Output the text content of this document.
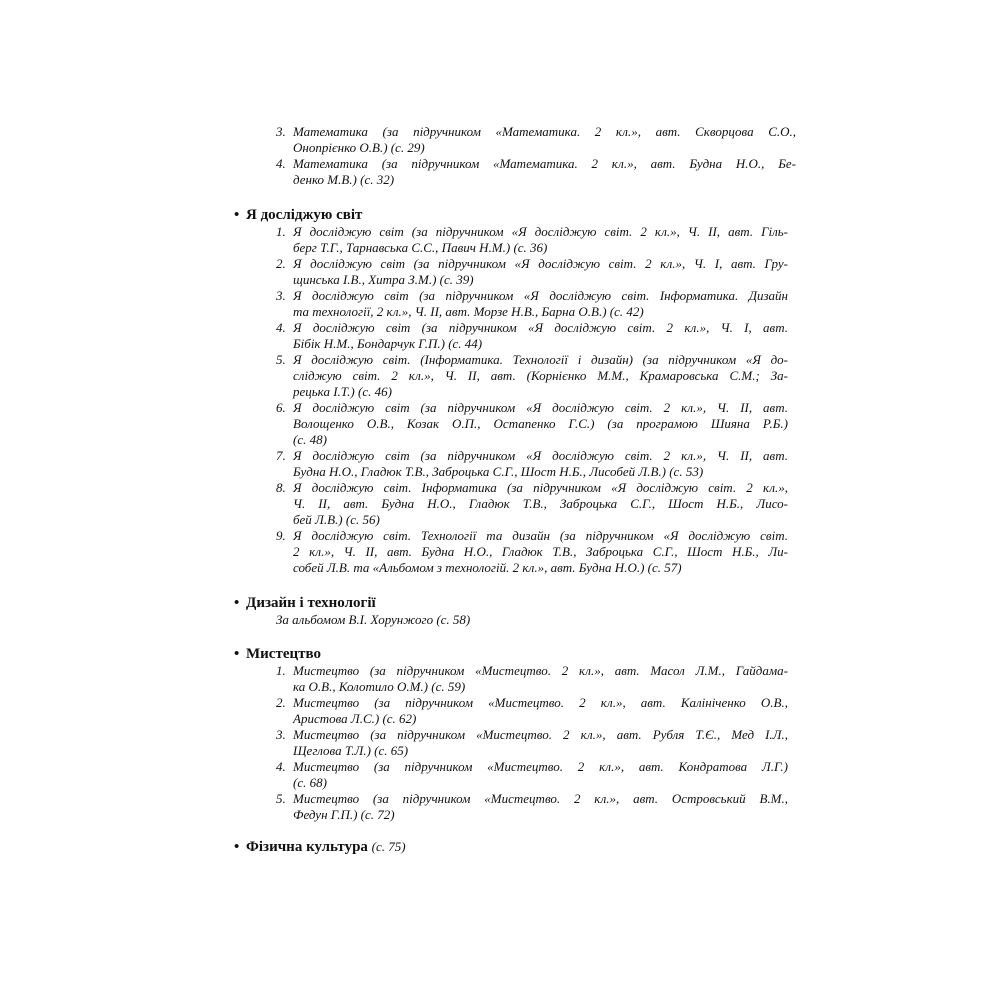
3. Математика (за підручником «Математика. 2 кл.», авт. Скворцова С.О.,
Онопрієнко О.В.) (с. 29)
4. Математика (за підручником «Математика. 2 кл.», авт. Будна Н.О., Бе-
денко М.В.) (с. 32)
• Я досліджую світ
1. Я досліджую світ (за підручником «Я досліджую світ. 2 кл.», Ч. ІІ, авт. Гіль-
берг Т.Г., Тарнавська С.С., Павич Н.М.) (с. 36)
2. Я досліджую світ (за підручником «Я досліджую світ. 2 кл.», Ч. І, авт. Гру-
щинська І.В., Хитра З.М.) (с. 39)
3. Я досліджую світ (за підручником «Я досліджую світ. Інформатика. Дизайн
та технології, 2 кл.», Ч. ІІ, авт. Морзе Н.В., Барна О.В.) (с. 42)
4. Я досліджую світ (за підручником «Я досліджую світ. 2 кл.», Ч. І, авт.
Бібік Н.М., Бондарчук Г.П.) (с. 44)
5. Я досліджую світ. (Інформатика. Технології і дизайн) (за підручником «Я до-
сліджую світ. 2 кл.», Ч. ІІ, авт. (Корнієнко М.М., Крамаровська С.М.; За-
рецька І.Т.) (с. 46)
6. Я досліджую світ (за підручником «Я досліджую світ. 2 кл.», Ч. ІІ, авт.
Волощенко О.В., Козак О.П., Остапенко Г.С.) (за програмою Шияна Р.Б.)
(с. 48)
7. Я досліджую світ (за підручником «Я досліджую світ. 2 кл.», Ч. ІІ, авт.
Будна Н.О., Гладюк Т.В., Заброцька С.Г., Шост Н.Б., Лисобей Л.В.) (с. 53)
8. Я досліджую світ. Інформатика (за підручником «Я досліджую світ. 2 кл.»,
Ч. ІІ, авт. Будна Н.О., Гладюк Т.В., Заброцька С.Г., Шост Н.Б., Лисо-
бей Л.В.) (с. 56)
9. Я досліджую світ. Технології та дизайн (за підручником «Я досліджую світ.
2 кл.», Ч. ІІ, авт. Будна Н.О., Гладюк Т.В., Заброцька С.Г., Шост Н.Б., Ли-
собей Л.В. та «Альбомом з технологій. 2 кл.», авт. Будна Н.О.) (с. 57)
• Дизайн і технології
За альбомом В.І. Хорунжого (с. 58)
• Мистецтво
1. Мистецтво (за підручником «Мистецтво. 2 кл.», авт. Масол Л.М., Гайдама-
ка О.В., Колотило О.М.) (с. 59)
2. Мистецтво (за підручником «Мистецтво. 2 кл.», авт. Калініченко О.В.,
Аристова Л.С.) (с. 62)
3. Мистецтво (за підручником «Мистецтво. 2 кл.», авт. Рубля Т.Є., Мед І.Л.,
Щеглова Т.Л.) (с. 65)
4. Мистецтво (за підручником «Мистецтво. 2 кл.», авт. Кондратова Л.Г.)
(с. 68)
5. Мистецтво (за підручником «Мистецтво. 2 кл.», авт. Островський В.М.,
Федун Г.П.) (с. 72)
• Фізична культура (с. 75)
